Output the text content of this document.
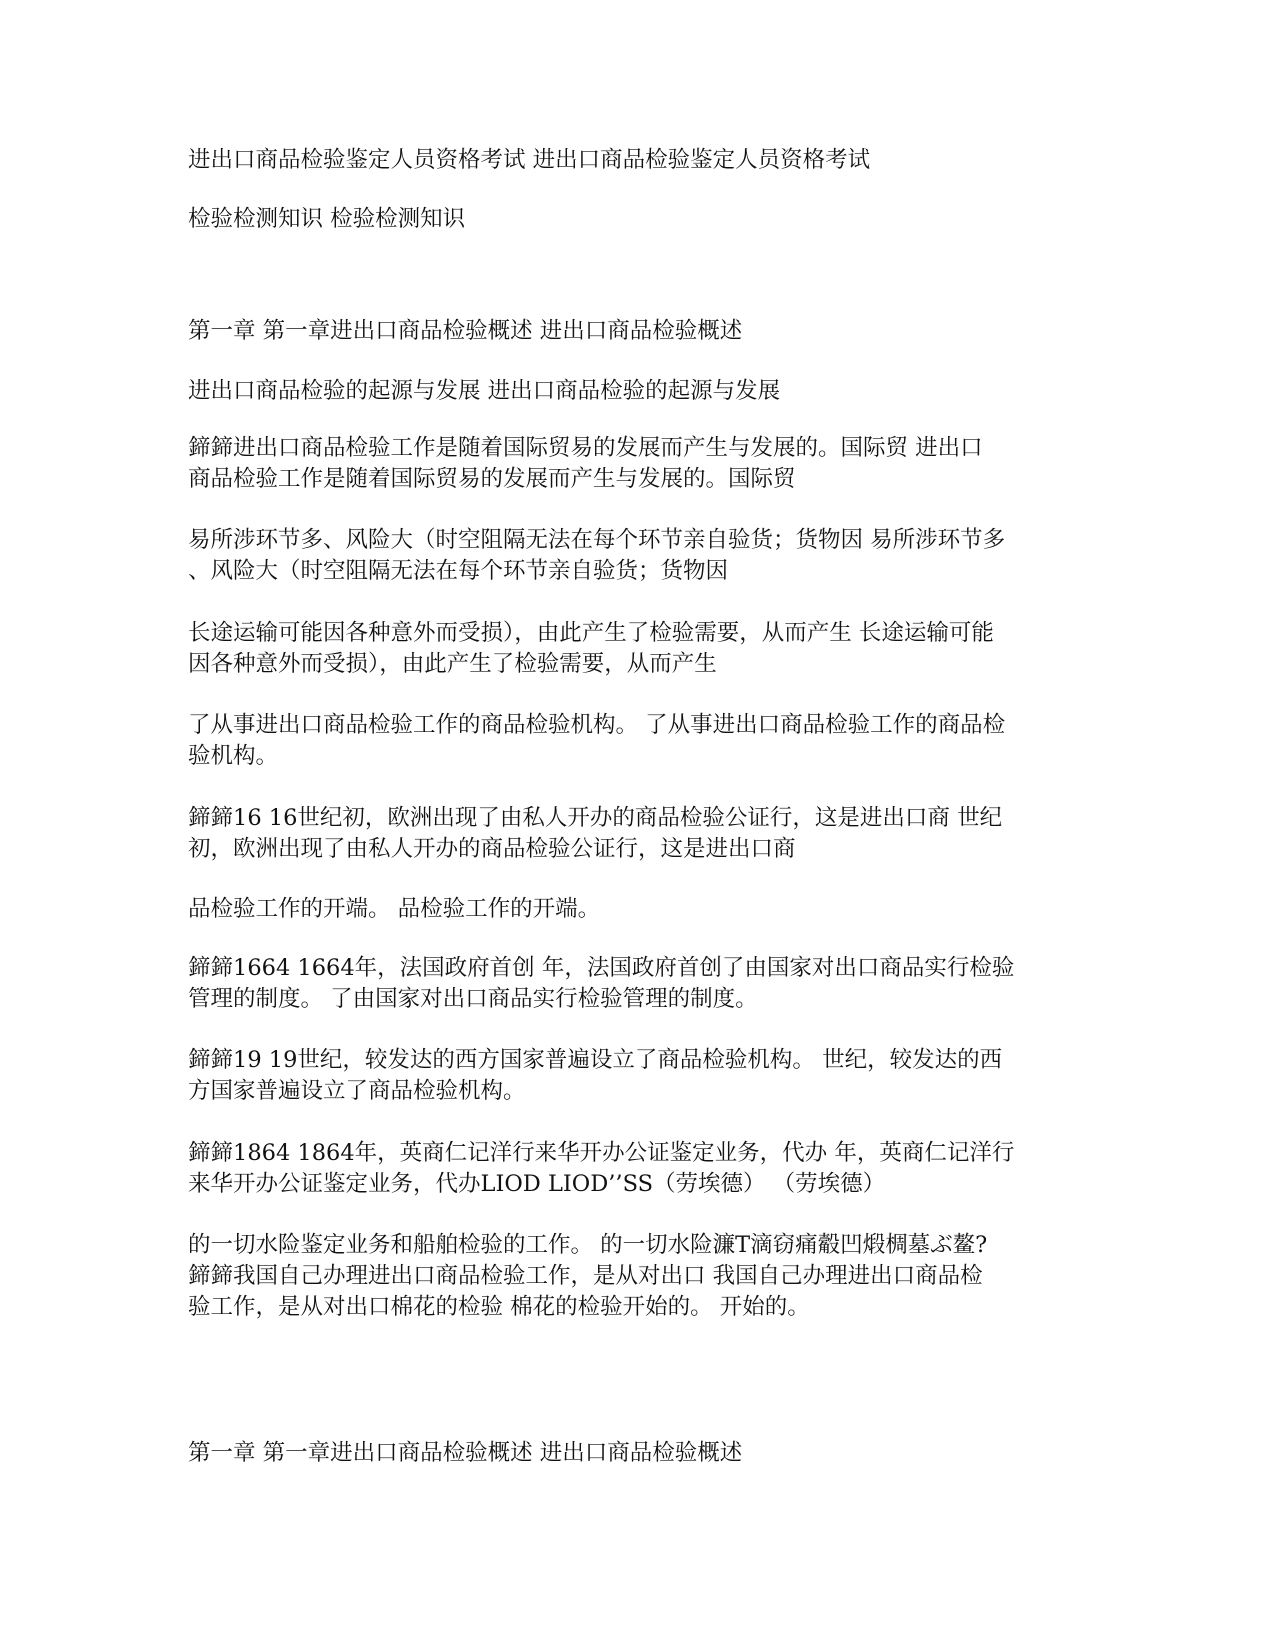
进出口商品检验鉴定人员资格考试 进出口商品检验鉴定人员资格考试
检验检测知识 检验检测知识
第一章 第一章进出口商品检验概述 进出口商品检验概述
进出口商品检验的起源与发展 进出口商品检验的起源与发展
鍗鍗进出口商品检验工作是随着国际贸易的发展而产生与发展的。国际贸 进出口
商品检验工作是随着国际贸易的发展而产生与发展的。国际贸
易所涉环节多、风险大（时空阻隔无法在每个环节亲自验货；货物因 易所涉环节多
、风险大（时空阻隔无法在每个环节亲自验货；货物因
长途运输可能因各种意外而受损），由此产生了检验需要，从而产生 长途运输可能
因各种意外而受损），由此产生了检验需要，从而产生
了从事进出口商品检验工作的商品检验机构。 了从事进出口商品检验工作的商品检
验机构。
鍗鍗16 16世纪初，欧洲出现了由私人开办的商品检验公证行，这是进出口商 世纪
初，欧洲出现了由私人开办的商品检验公证行，这是进出口商
品检验工作的开端。 品检验工作的开端。
鍗鍗1664 1664年，法国政府首创 年，法国政府首创了由国家对出口商品实行检验
管理的制度。 了由国家对出口商品实行检验管理的制度。
鍗鍗19 19世纪，较发达的西方国家普遍设立了商品检验机构。 世纪，较发达的西
方国家普遍设立了商品检验机构。
鍗鍗1864 1864年，英商仁记洋行来华开办公证鉴定业务，代办 年，英商仁记洋行
来华开办公证鉴定业务，代办LIOD LIOD’’SS（劳埃德） （劳埃德）
的一切水险鉴定业务和船舶检验的工作。 的一切水险濂T滴窃痛觳凹煅椆墓ぶ鳌?
鍗鍗我国自己办理进出口商品检验工作，是从对出口 我国自己办理进出口商品检
验工作，是从对出口棉花的检验 棉花的检验开始的。 开始的。
第一章 第一章进出口商品检验概述 进出口商品检验概述
